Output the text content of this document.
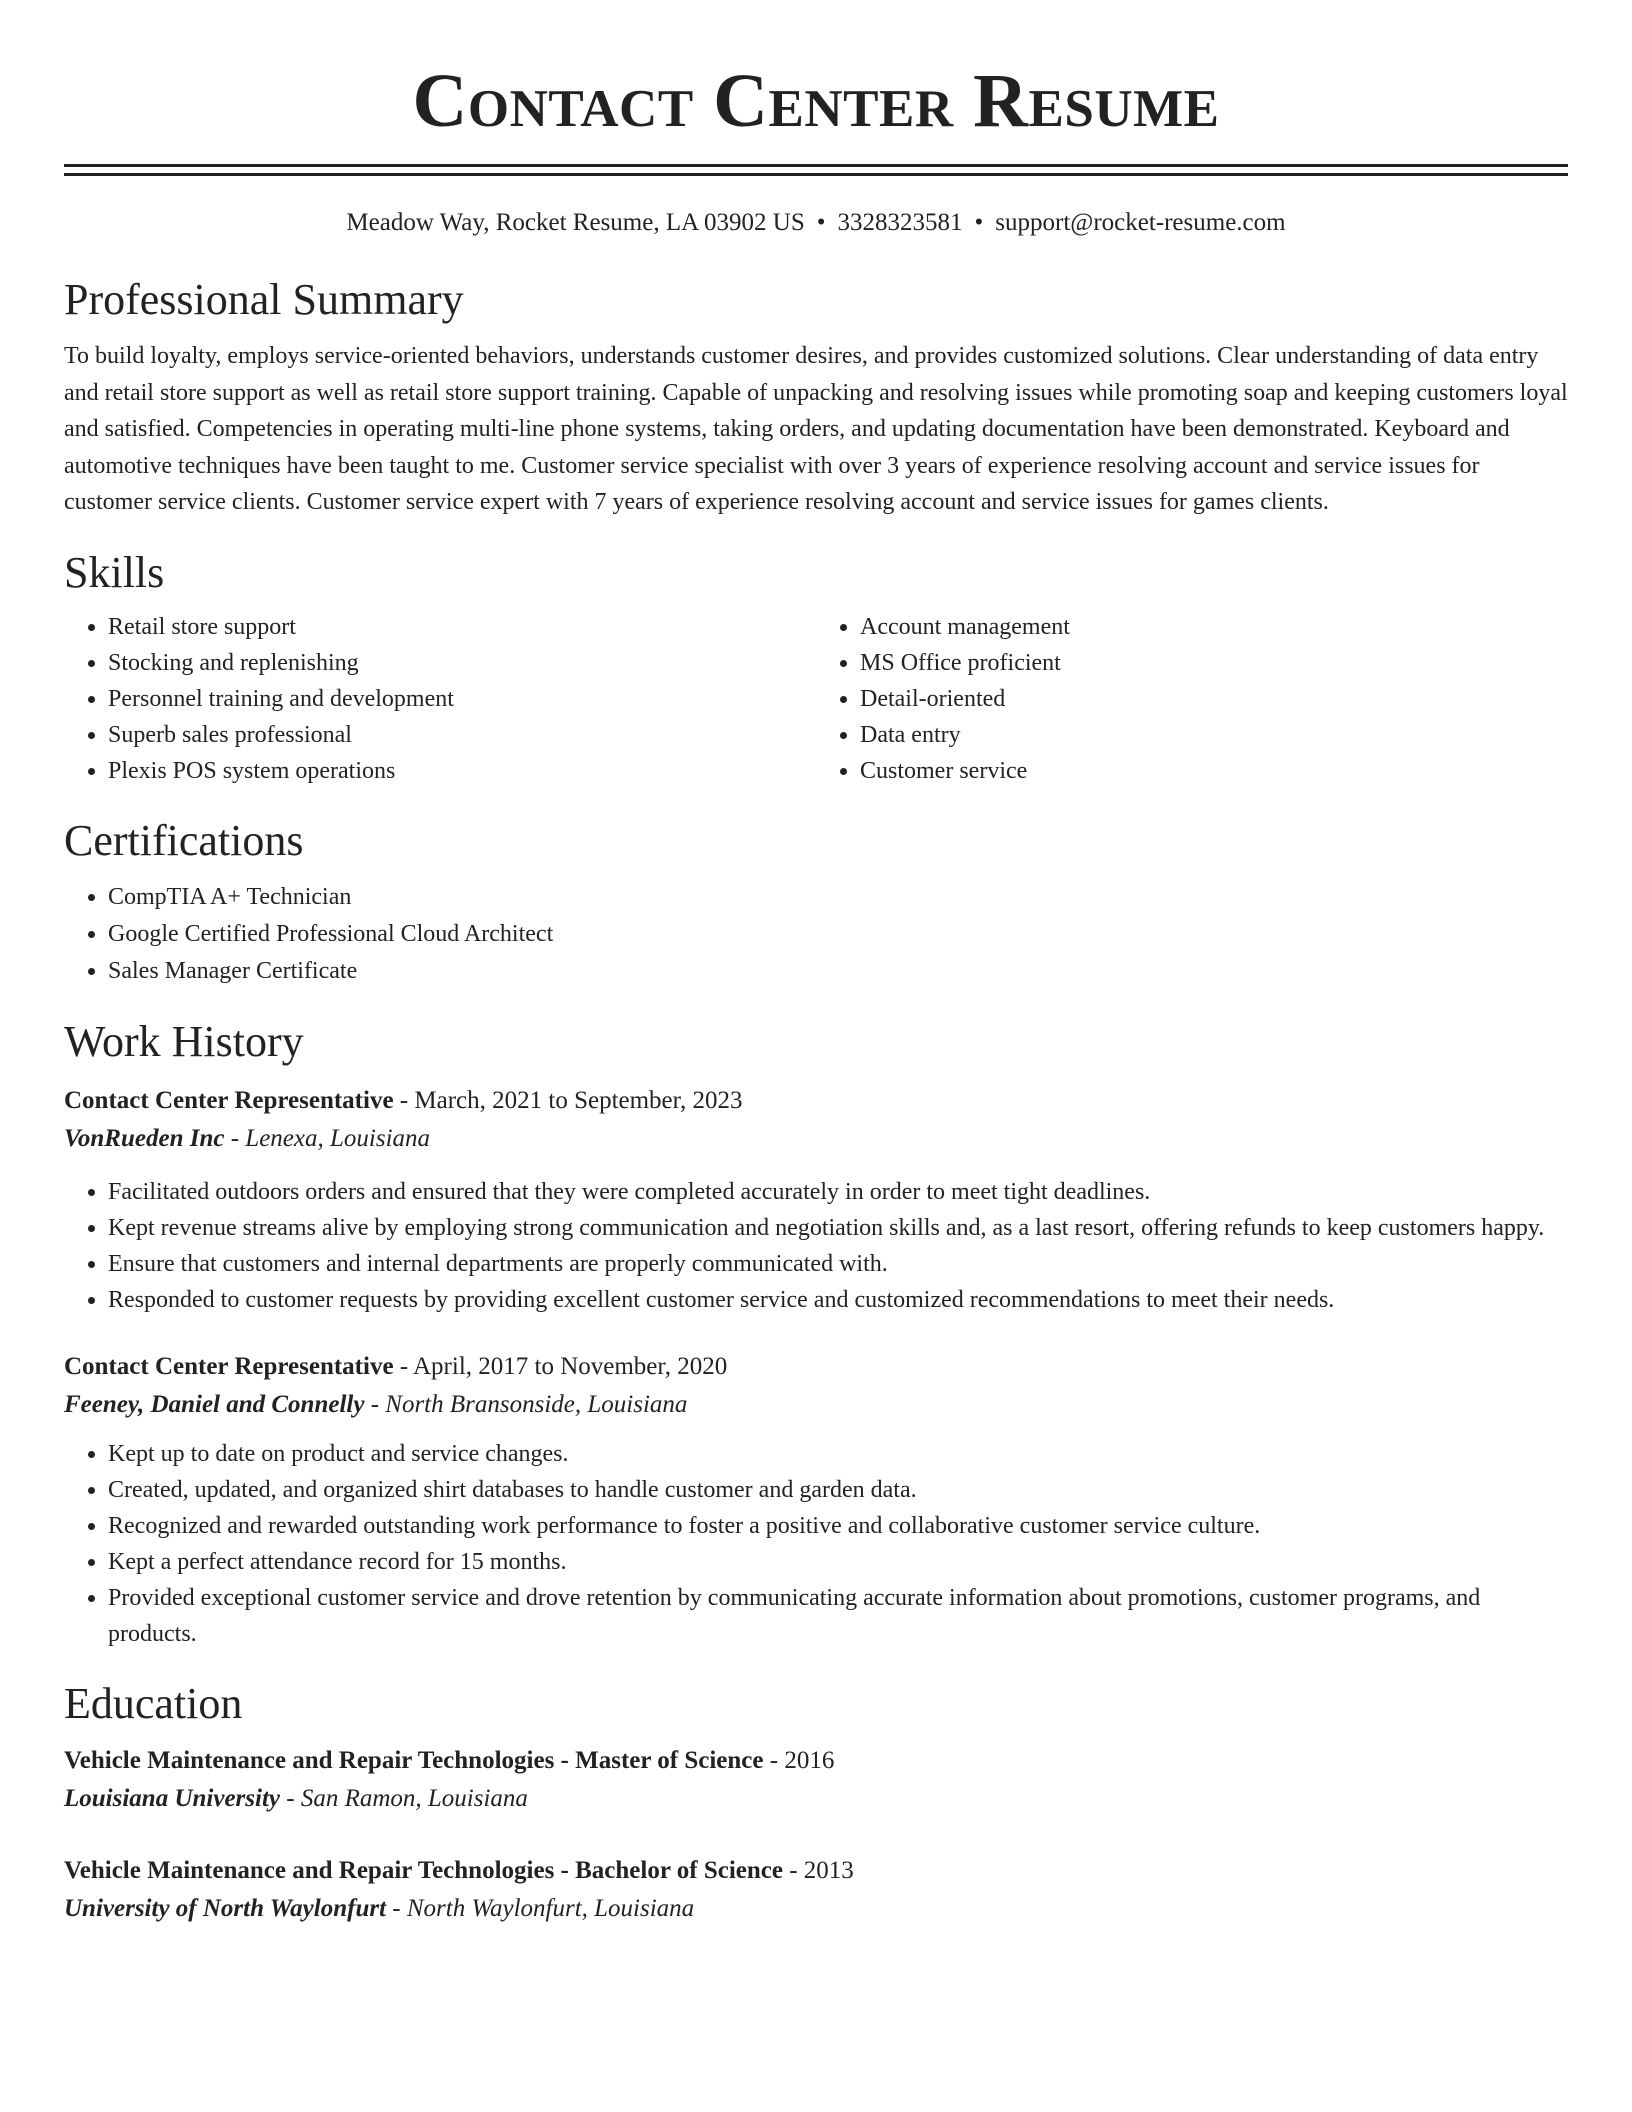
Contact Center Resume
Meadow Way, Rocket Resume, LA 03902 US • 3328323581 • support@rocket-resume.com
Professional Summary

To build loyalty, employs service-oriented behaviors, understands customer desires, and provides customized solutions. Clear understanding of data entry and retail store support as well as retail store support training. Capable of unpacking and resolving issues while promoting soap and keeping customers loyal and satisfied. Competencies in operating multi-line phone systems, taking orders, and updating documentation have been demonstrated. Keyboard and automotive techniques have been taught to me. Customer service specialist with over 3 years of experience resolving account and service issues for customer service clients. Customer service expert with 7 years of experience resolving account and service issues for games clients.

Skills
• Retail store support
• Stocking and replenishing
• Personnel training and development
• Superb sales professional
• Plexis POS system operations
• Account management
• MS Office proficient
• Detail-oriented
• Data entry
• Customer service
Certifications
• CompTIA A+ Technician
• Google Certified Professional Cloud Architect
• Sales Manager Certificate
Work History
Contact Center Representative - March, 2021 to September, 2023
VonRueden Inc - Lenexa, Louisiana
• Facilitated outdoors orders and ensured that they were completed accurately in order to meet tight deadlines.
• Kept revenue streams alive by employing strong communication and negotiation skills and, as a last resort, offering refunds to keep customers happy.
• Ensure that customers and internal departments are properly communicated with.
• Responded to customer requests by providing excellent customer service and customized recommendations to meet their needs.
Contact Center Representative - April, 2017 to November, 2020
Feeney, Daniel and Connelly - North Bransonside, Louisiana
• Kept up to date on product and service changes.
• Created, updated, and organized shirt databases to handle customer and garden data.
• Recognized and rewarded outstanding work performance to foster a positive and collaborative customer service culture.
• Kept a perfect attendance record for 15 months.
• Provided exceptional customer service and drove retention by communicating accurate information about promotions, customer programs, and products.
Education
Vehicle Maintenance and Repair Technologies - Master of Science - 2016
Louisiana University - San Ramon, Louisiana
Vehicle Maintenance and Repair Technologies - Bachelor of Science - 2013
University of North Waylonfurt - North Waylonfurt, Louisiana
